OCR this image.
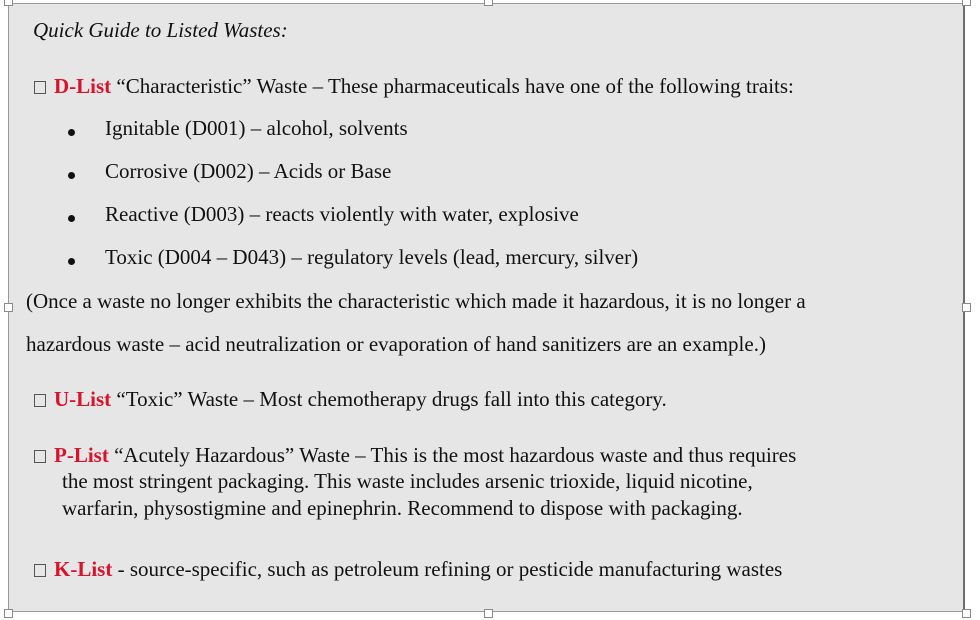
Quick Guide to Listed Wastes:
D-List “Characteristic” Waste – These pharmaceuticals have one of the following traits:
Ignitable (D001) – alcohol, solvents
Corrosive (D002) – Acids or Base
Reactive (D003) – reacts violently with water, explosive
Toxic (D004 – D043) – regulatory levels (lead, mercury, silver)
(Once a waste no longer exhibits the characteristic which made it hazardous, it is no longer a
hazardous waste – acid neutralization or evaporation of hand sanitizers are an example.)
U-List “Toxic” Waste – Most chemotherapy drugs fall into this category.
P-List “Acutely Hazardous” Waste – This is the most hazardous waste and thus requires
the most stringent packaging. This waste includes arsenic trioxide, liquid nicotine,
warfarin, physostigmine and epinephrin. Recommend to dispose with packaging.
K-List - source-specific, such as petroleum refining or pesticide manufacturing wastes
